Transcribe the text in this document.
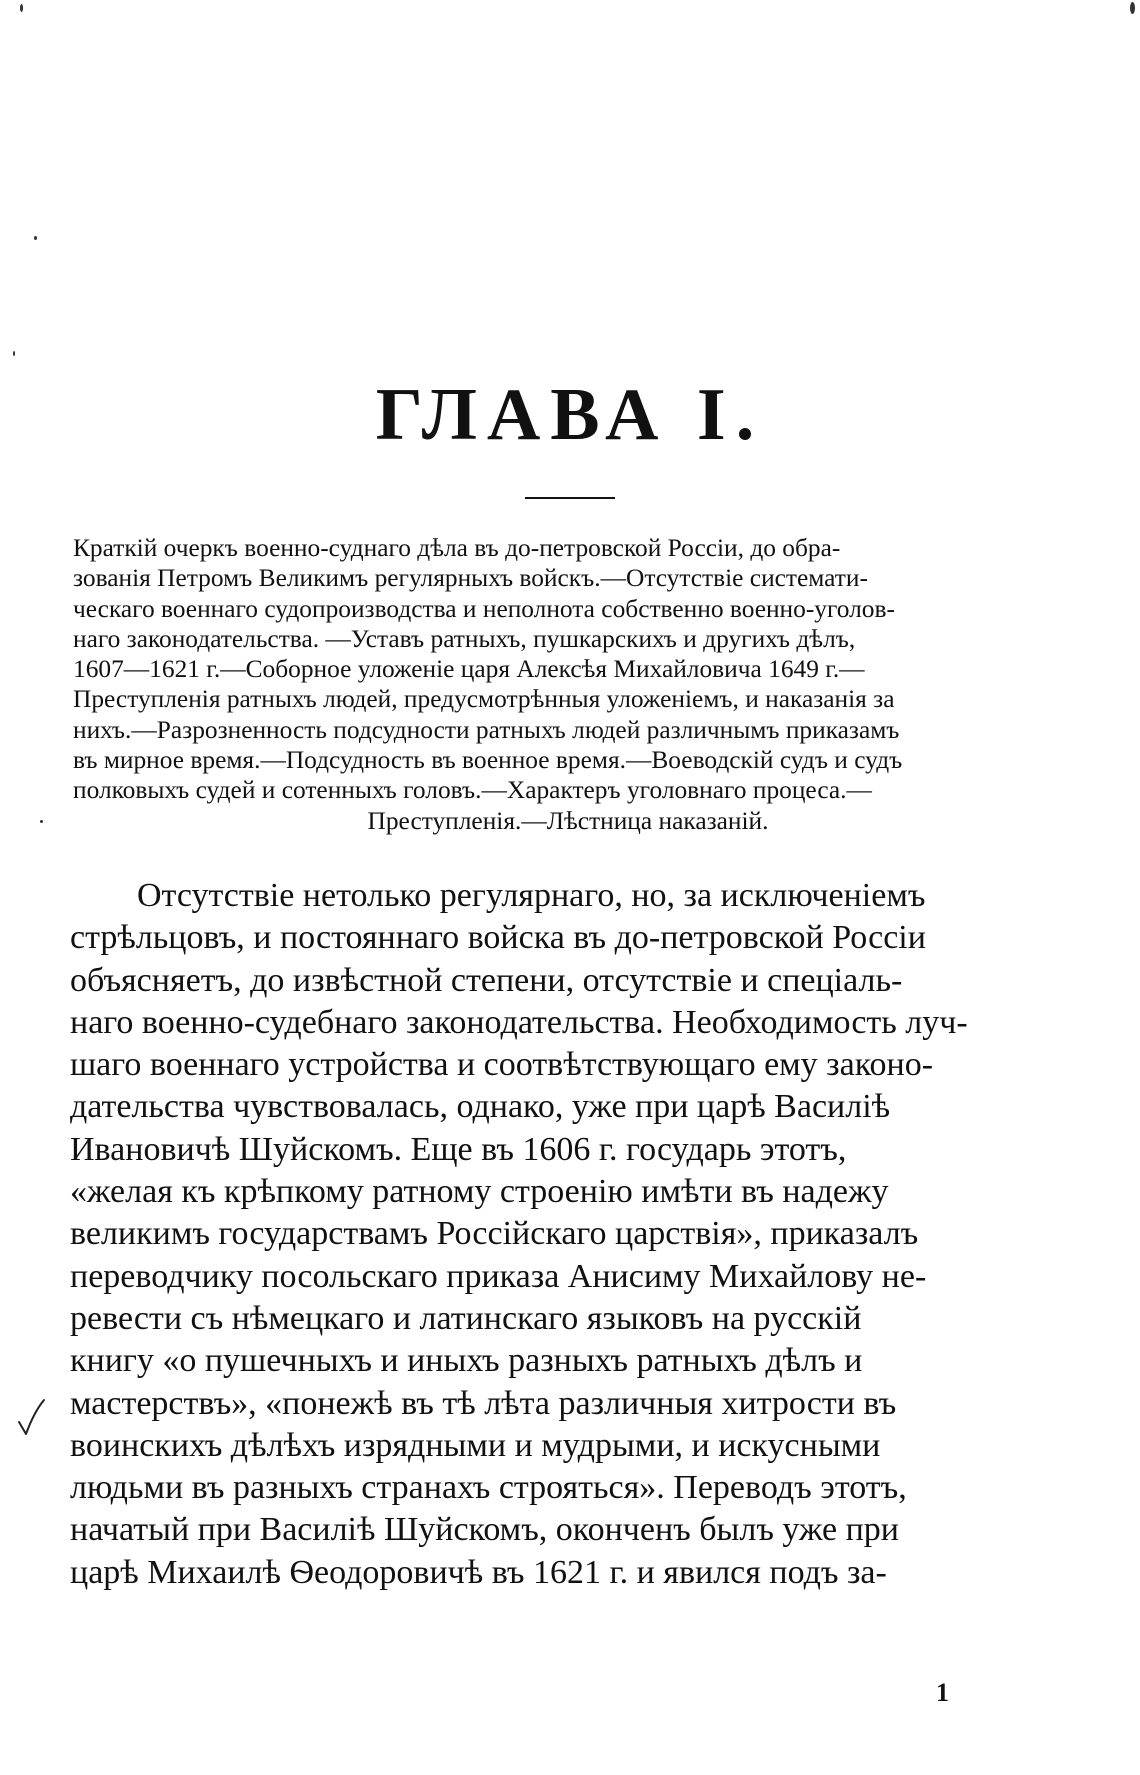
ГЛАВА I.
Краткій очеркъ военно-суднаго дѣла въ до-петровской Россіи, до обра-
зованія Петромъ Великимъ регулярныхъ войскъ.—Отсутствіе системати-
ческаго военнаго судопроизводства и неполнота собственно военно-уголов-
наго законодательства. —Уставъ ратныхъ, пушкарскихъ и другихъ дѣлъ,
1607—1621 г.—Соборное уложеніе царя Алексѣя Михайловича 1649 г.—
Преступленія ратныхъ людей, предусмотрѣнныя уложеніемъ, и наказанія за
нихъ.—Разрозненность подсудности ратныхъ людей различнымъ приказамъ
въ мирное время.—Подсудность въ военное время.—Воеводскій судъ и судъ
полковыхъ судей и сотенныхъ головъ.—Характеръ уголовнаго процеса.—
Преступленія.—Лѣстница наказаній.
Отсутствіе нетолько регулярнаго, но, за исключеніемъ
стрѣльцовъ, и постояннаго войска въ до-петровской Россіи
объясняетъ, до извѣстной степени, отсутствіе и спеціаль-
наго военно-судебнаго законодательства. Необходимость луч-
шаго военнаго устройства и соотвѣтствующаго ему законо-
дательства чувствовалась, однако, уже при царѣ Василіѣ
Ивановичѣ Шуйскомъ. Еще въ 1606 г. государь этотъ,
«желая къ крѣпкому ратному строенію имѣти въ надежу
великимъ государствамъ Россійскаго царствія», приказалъ
переводчику посольскаго приказа Анисиму Михайлову не-
ревести съ нѣмецкаго и латинскаго языковъ на русскій
книгу «о пушечныхъ и иныхъ разныхъ ратныхъ дѣлъ и
мастерствъ», «понежѣ въ тѣ лѣта различныя хитрости въ
воинскихъ дѣлѣхъ изрядными и мудрыми, и искусными
людьми въ разныхъ странахъ строяться». Переводъ этотъ,
начатый при Василіѣ Шуйскомъ, оконченъ былъ уже при
царѣ Михаилѣ Ѳеодоровичѣ въ 1621 г. и явился подъ за-
1
